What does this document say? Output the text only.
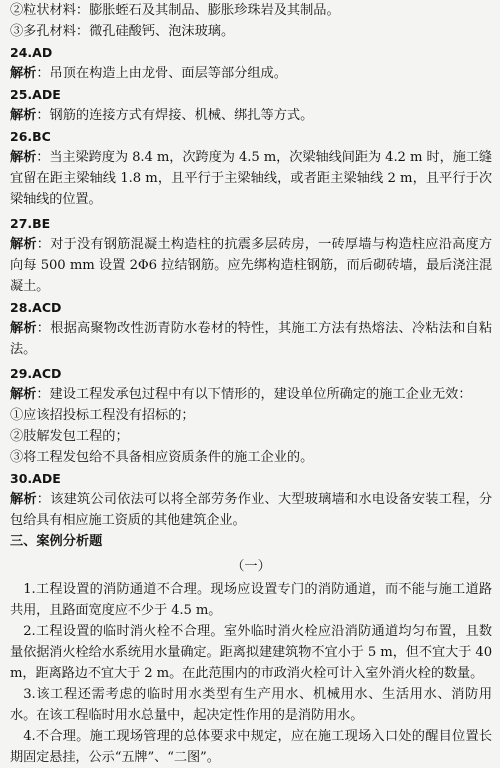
②粒状材料：膨胀蛭石及其制品、膨胀珍珠岩及其制品。
③多孔材料：微孔硅酸钙、泡沫玻璃。
24.AD
解析：吊顶在构造上由龙骨、面层等部分组成。
25.ADE
解析：钢筋的连接方式有焊接、机械、绑扎等方式。
26.BC
解析：当主梁跨度为 8.4 m，次跨度为 4.5 m，次梁轴线间距为 4.2 m 时，施工缝宜留在距主梁轴线 1.8 m，且平行于主梁轴线，或者距主梁轴线 2 m，且平行于次梁轴线的位置。
27.BE
解析：对于没有钢筋混凝土构造柱的抗震多层砖房，一砖厚墙与构造柱应沿高度方向每 500 mm 设置 2Φ6 拉结钢筋。应先绑构造柱钢筋，而后砌砖墙，最后浇注混凝土。
28.ACD
解析：根据高聚物改性沥青防水卷材的特性，其施工方法有热熔法、冷粘法和自粘法。
29.ACD
解析：建设工程发承包过程中有以下情形的，建设单位所确定的施工企业无效：
①应该招投标工程没有招标的；
②肢解发包工程的；
③将工程发包给不具备相应资质条件的施工企业的。
30.ADE
解析：该建筑公司依法可以将全部劳务作业、大型玻璃墙和水电设备安装工程，分包给具有相应施工资质的其他建筑企业。
三、案例分析题
（一）
1.工程设置的消防通道不合理。现场应设置专门的消防通道，而不能与施工道路共用，且路面宽度应不少于 4.5 m。
2.工程设置的临时消火栓不合理。室外临时消火栓应沿消防通道均匀布置，且数量依据消火栓给水系统用水量确定。距离拟建建筑物不宜小于 5 m，但不宜大于 40 m，距离路边不宜大于 2 m。在此范围内的市政消火栓可计入室外消火栓的数量。
3.该工程还需考虑的临时用水类型有生产用水、机械用水、生活用水、消防用水。在该工程临时用水总量中，起决定性作用的是消防用水。
4.不合理。施工现场管理的总体要求中规定，应在施工现场入口处的醒目位置长期固定悬挂，公示“五牌”、“二图”。
